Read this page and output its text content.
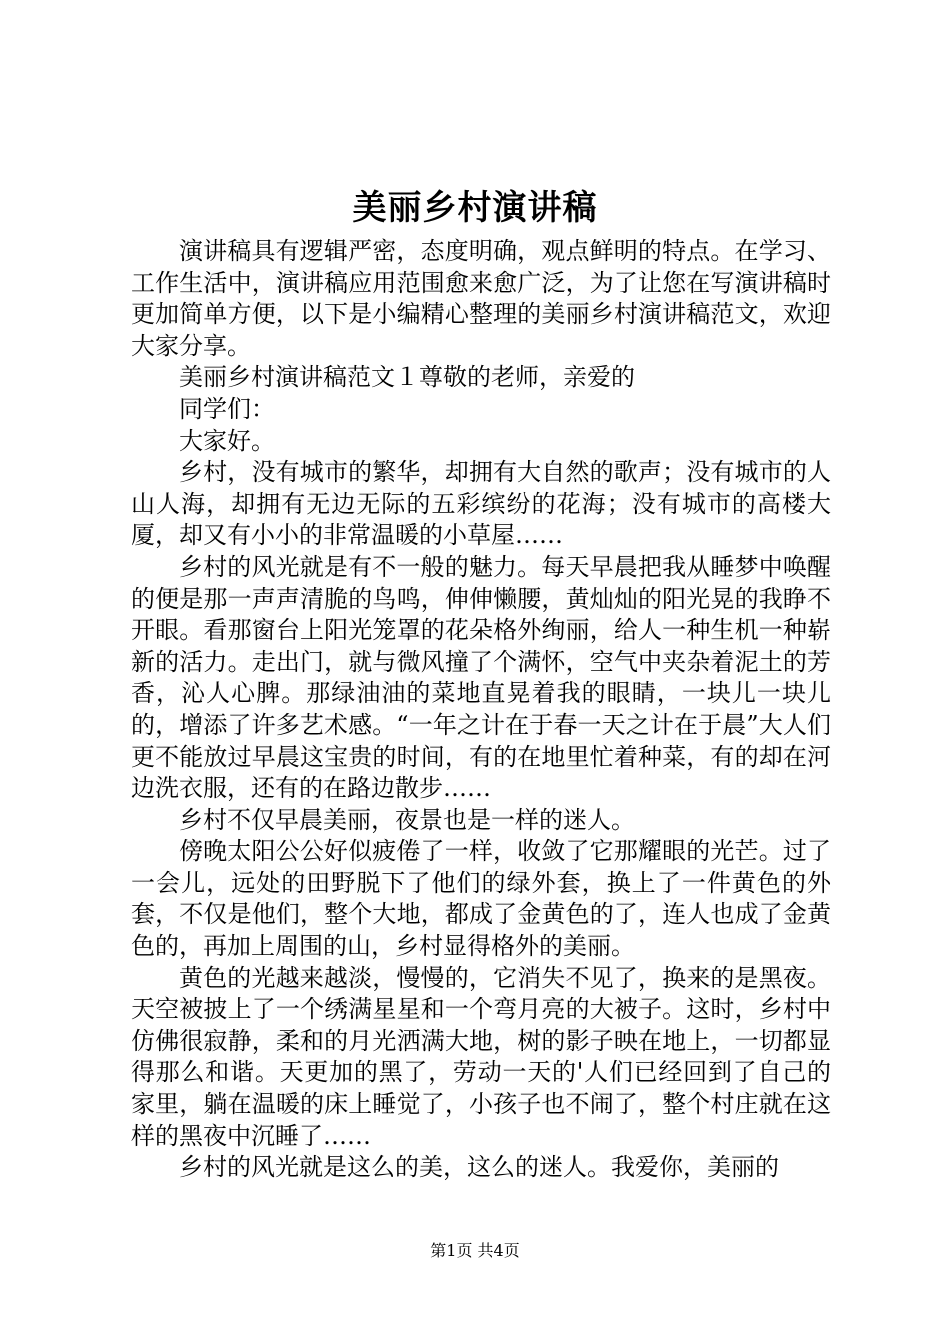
美丽乡村演讲稿

演讲稿具有逻辑严密，态度明确，观点鲜明的特点。在学习、工作生活中，演讲稿应用范围愈来愈广泛，为了让您在写演讲稿时更加简单方便，以下是小编精心整理的美丽乡村演讲稿范文，欢迎大家分享。

美丽乡村演讲稿范文１尊敬的老师，亲爱的

同学们：

大家好。

乡村，没有城市的繁华，却拥有大自然的歌声；没有城市的人山人海，却拥有无边无际的五彩缤纷的花海；没有城市的高楼大厦，却又有小小的非常温暖的小草屋……

乡村的风光就是有不一般的魅力。每天早晨把我从睡梦中唤醒的便是那一声声清脆的鸟鸣，伸伸懒腰，黄灿灿的阳光晃的我睁不开眼。看那窗台上阳光笼罩的花朵格外绚丽，给人一种生机一种崭新的活力。走出门，就与微风撞了个满怀，空气中夹杂着泥土的芳香，沁人心脾。那绿油油的菜地直晃着我的眼睛，一块儿一块儿的，增添了许多艺术感。“一年之计在于春一天之计在于晨”大人们更不能放过早晨这宝贵的时间，有的在地里忙着种菜，有的却在河边洗衣服，还有的在路边散步……

乡村不仅早晨美丽，夜景也是一样的迷人。

傍晚太阳公公好似疲倦了一样，收敛了它那耀眼的光芒。过了一会儿，远处的田野脱下了他们的绿外套，换上了一件黄色的外套，不仅是他们，整个大地，都成了金黄色的了，连人也成了金黄色的，再加上周围的山，乡村显得格外的美丽。

黄色的光越来越淡，慢慢的，它消失不见了，换来的是黑夜。天空被披上了一个绣满星星和一个弯月亮的大被子。这时，乡村中仿佛很寂静，柔和的月光洒满大地，树的影子映在地上，一切都显得那么和谐。天更加的黑了，劳动一天的'人们已经回到了自己的家里，躺在温暖的床上睡觉了，小孩子也不闹了，整个村庄就在这样的黑夜中沉睡了……

乡村的风光就是这么的美，这么的迷人。我爱你，美丽的

第1页 共4页
